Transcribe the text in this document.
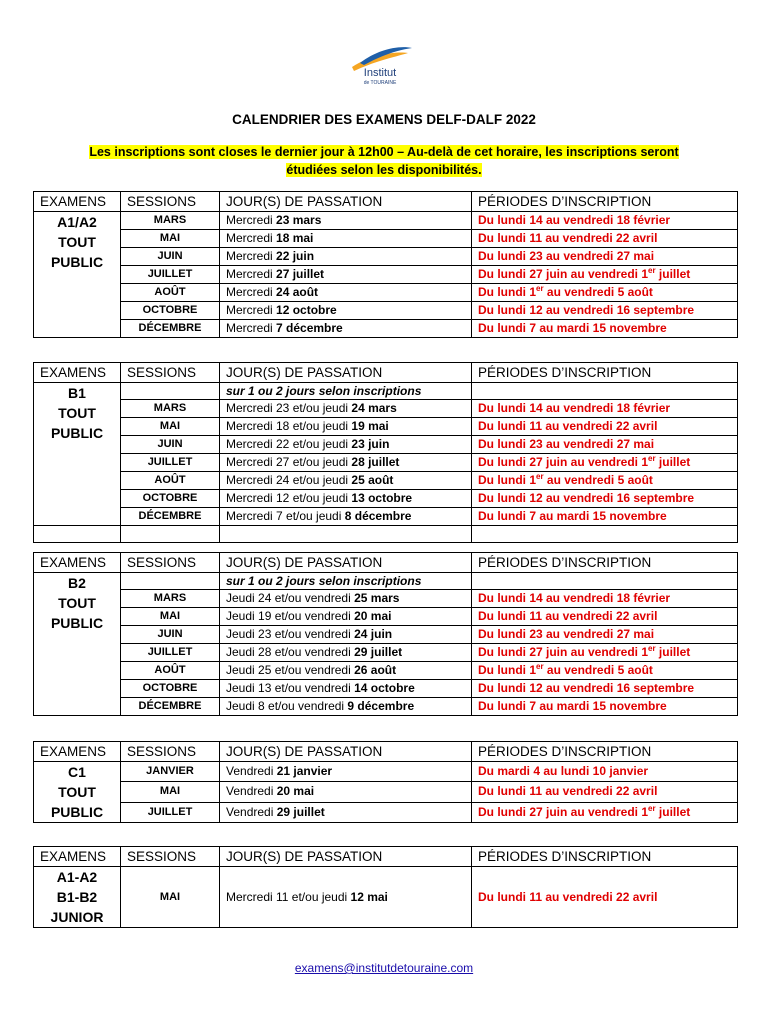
Institut
de TOURAINE
CALENDRIER DES EXAMENS DELF-DALF 2022
Les inscriptions sont closes le dernier jour à 12h00 – Au-delà de cet horaire, les inscriptions seront
étudiées selon les disponibilités.
EXAMENS	SESSIONS	JOUR(S) DE PASSATION	PÉRIODES D’INSCRIPTION

A1/A2
TOUT
PUBLIC	MARS	Mercredi 23 mars	Du lundi 14 au vendredi 18 février
	MAI	Mercredi 18 mai	Du lundi 11 au vendredi 22 avril
	JUIN	Mercredi 22 juin	Du lundi 23 au vendredi 27 mai
	JUILLET	Mercredi 27 juillet	Du lundi 27 juin au vendredi 1er juillet
	AOÛT	Mercredi 24 août	Du lundi 1er au vendredi 5 août
	OCTOBRE	Mercredi 12 octobre	Du lundi 12 au vendredi 16 septembre
	DÉCEMBRE	Mercredi 7 décembre	Du lundi 7 au mardi 15 novembre
EXAMENS	SESSIONS	JOUR(S) DE PASSATION	PÉRIODES D’INSCRIPTION

B1
TOUT
PUBLIC		sur 1 ou 2 jours selon inscriptions	
	MARS	Mercredi 23 et/ou jeudi 24 mars	Du lundi 14 au vendredi 18 février
	MAI	Mercredi 18 et/ou jeudi 19 mai	Du lundi 11 au vendredi 22 avril
	JUIN	Mercredi 22 et/ou jeudi 23 juin	Du lundi 23 au vendredi 27 mai
	JUILLET	Mercredi 27 et/ou jeudi 28 juillet	Du lundi 27 juin au vendredi 1er juillet
	AOÛT	Mercredi 24 et/ou jeudi 25 août	Du lundi 1er au vendredi 5 août
	OCTOBRE	Mercredi 12 et/ou jeudi 13 octobre	Du lundi 12 au vendredi 16 septembre
	DÉCEMBRE	Mercredi 7 et/ou jeudi 8 décembre	Du lundi 7 au mardi 15 novembre

EXAMENS	SESSIONS	JOUR(S) DE PASSATION	PÉRIODES D’INSCRIPTION

B2
TOUT
PUBLIC		sur 1 ou 2 jours selon inscriptions	
	MARS	Jeudi 24 et/ou vendredi 25 mars	Du lundi 14 au vendredi 18 février
	MAI	Jeudi 19 et/ou vendredi 20 mai	Du lundi 11 au vendredi 22 avril
	JUIN	Jeudi 23 et/ou vendredi 24 juin	Du lundi 23 au vendredi 27 mai
	JUILLET	Jeudi 28 et/ou vendredi 29 juillet	Du lundi 27 juin au vendredi 1er juillet
	AOÛT	Jeudi 25 et/ou vendredi 26 août	Du lundi 1er au vendredi 5 août
	OCTOBRE	Jeudi 13 et/ou vendredi 14 octobre	Du lundi 12 au vendredi 16 septembre
	DÉCEMBRE	Jeudi 8 et/ou vendredi 9 décembre	Du lundi 7 au mardi 15 novembre
EXAMENS	SESSIONS	JOUR(S) DE PASSATION	PÉRIODES D’INSCRIPTION

C1
TOUT
PUBLIC	JANVIER	Vendredi 21 janvier	Du mardi 4 au lundi 10 janvier
	MAI	Vendredi 20 mai	Du lundi 11 au vendredi 22 avril
	JUILLET	Vendredi 29 juillet	Du lundi 27 juin au vendredi 1er juillet
EXAMENS	SESSIONS	JOUR(S) DE PASSATION	PÉRIODES D’INSCRIPTION

A1-A2
B1-B2
JUNIOR	MAI	Mercredi 11 et/ou jeudi 12 mai	Du lundi 11 au vendredi 22 avril
examens@institutdetouraine.com
